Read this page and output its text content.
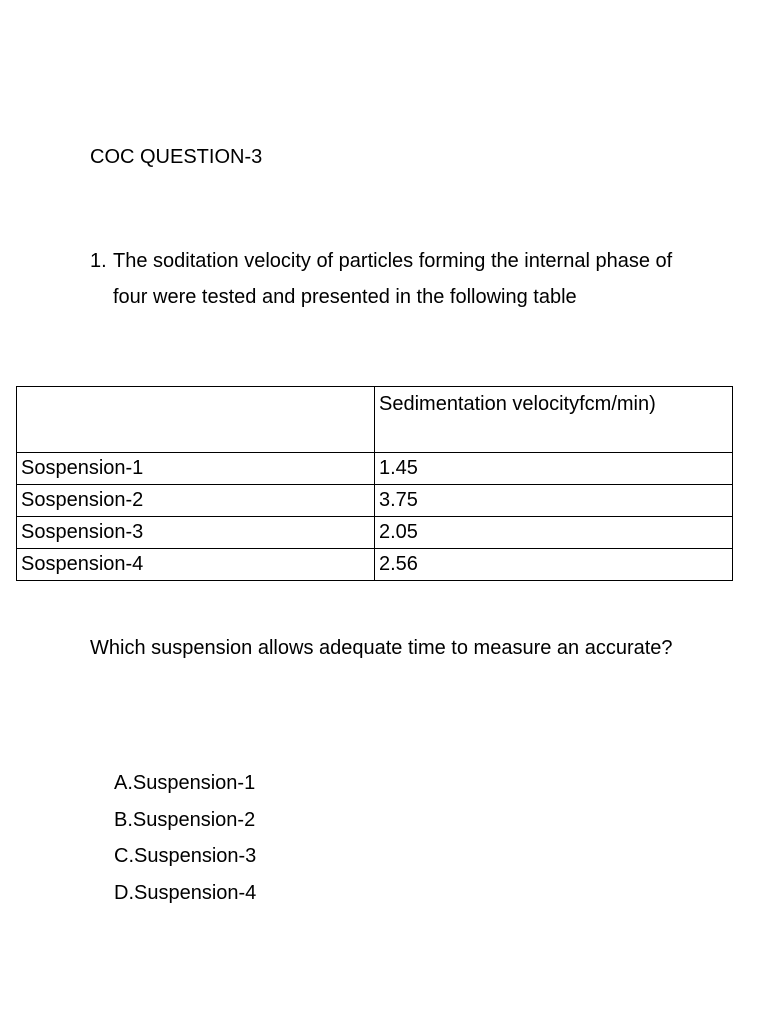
COC QUESTION-3
1. The soditation velocity of particles forming the internal phase of four were tested and presented in the following table
	Sedimentation velocityfcm/min)
Sospension-1	1.45
Sospension-2	3.75
Sospension-3	2.05
Sospension-4	2.56
Which suspension allows adequate time to measure an accurate?
A.Suspension-1
B.Suspension-2
C.Suspension-3
D.Suspension-4
